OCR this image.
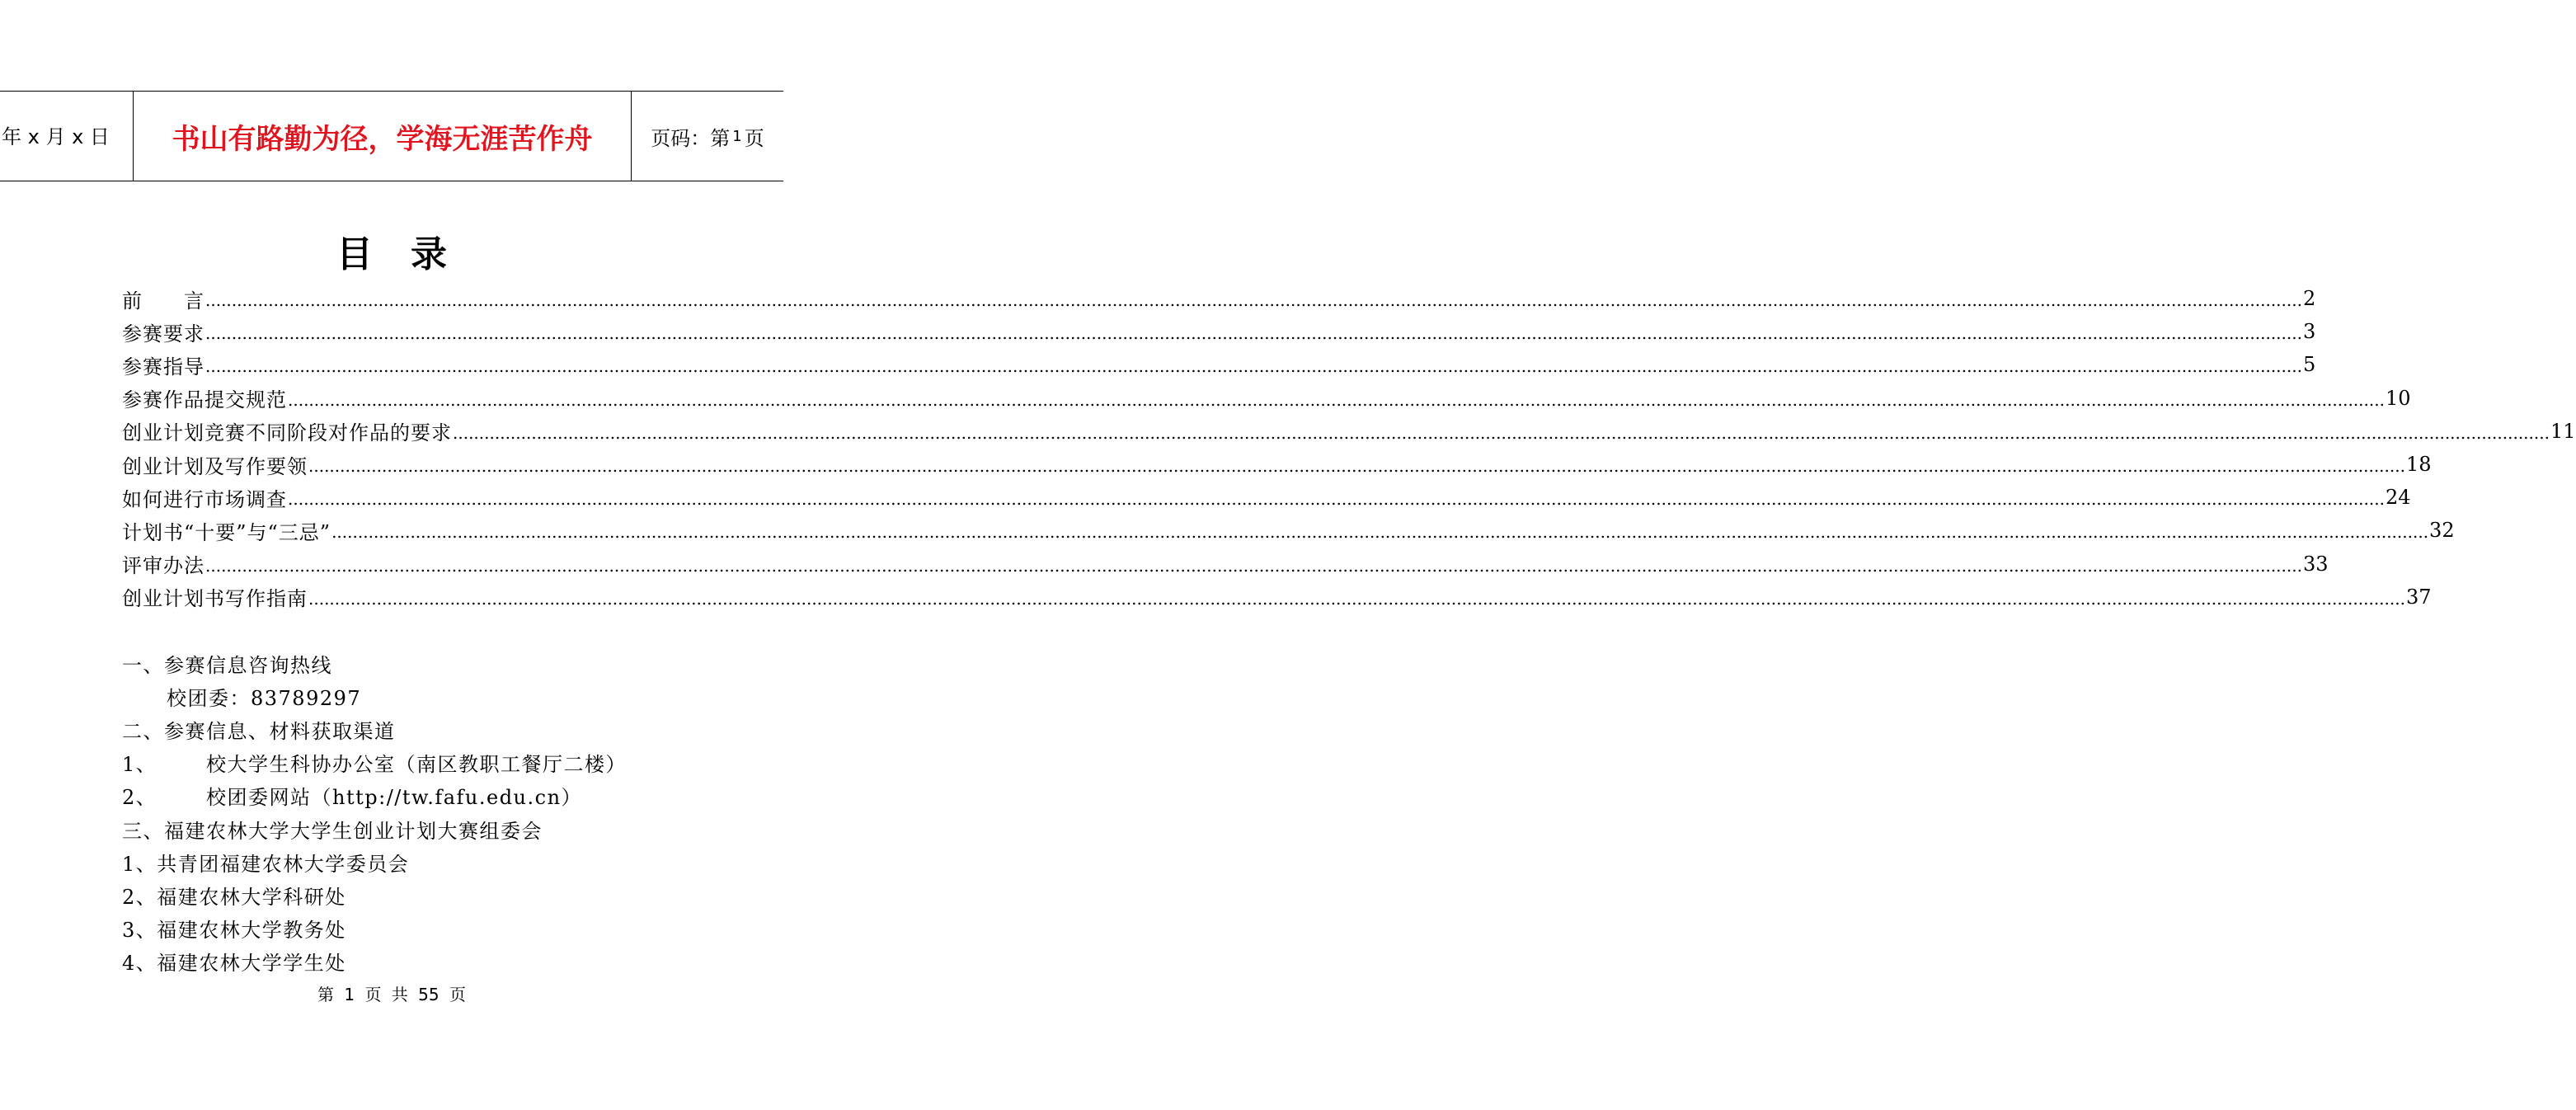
年 x 月 x 日 书山有路勤为径，学海无涯苦作舟	页码：第 1 页
目录
前　　言 ................................................................................................................................................................................................................................................................................................................................................................................................................ 2
参赛要求 ................................................................................................................................................................................................................................................................................................................................................................................................................ 3
参赛指导 ................................................................................................................................................................................................................................................................................................................................................................................................................ 5
参赛作品提交规范 ................................................................................................................................................................................................................................................................................................................................................................................................................ 10
创业计划竞赛不同阶段对作品的要求 ................................................................................................................................................................................................................................................................................................................................................................................................................ 11
创业计划及写作要领 ................................................................................................................................................................................................................................................................................................................................................................................................................ 18
如何进行市场调查 ................................................................................................................................................................................................................................................................................................................................................................................................................ 24
计划书“十要”与“三忌” ................................................................................................................................................................................................................................................................................................................................................................................................................ 32
评审办法 ................................................................................................................................................................................................................................................................................................................................................................................................................ 33
创业计划书写作指南 ................................................................................................................................................................................................................................................................................................................................................................................................................ 37
一、参赛信息咨询热线
校团委：83789297
二、参赛信息、材料获取渠道
1、	校大学生科协办公室（南区教职工餐厅二楼）
2、	校团委网站（http://tw.fafu.edu.cn）
三、福建农林大学大学生创业计划大赛组委会
1、共青团福建农林大学委员会
2、福建农林大学科研处
3、福建农林大学教务处
4、福建农林大学学生处
第 1 页 共 55 页
